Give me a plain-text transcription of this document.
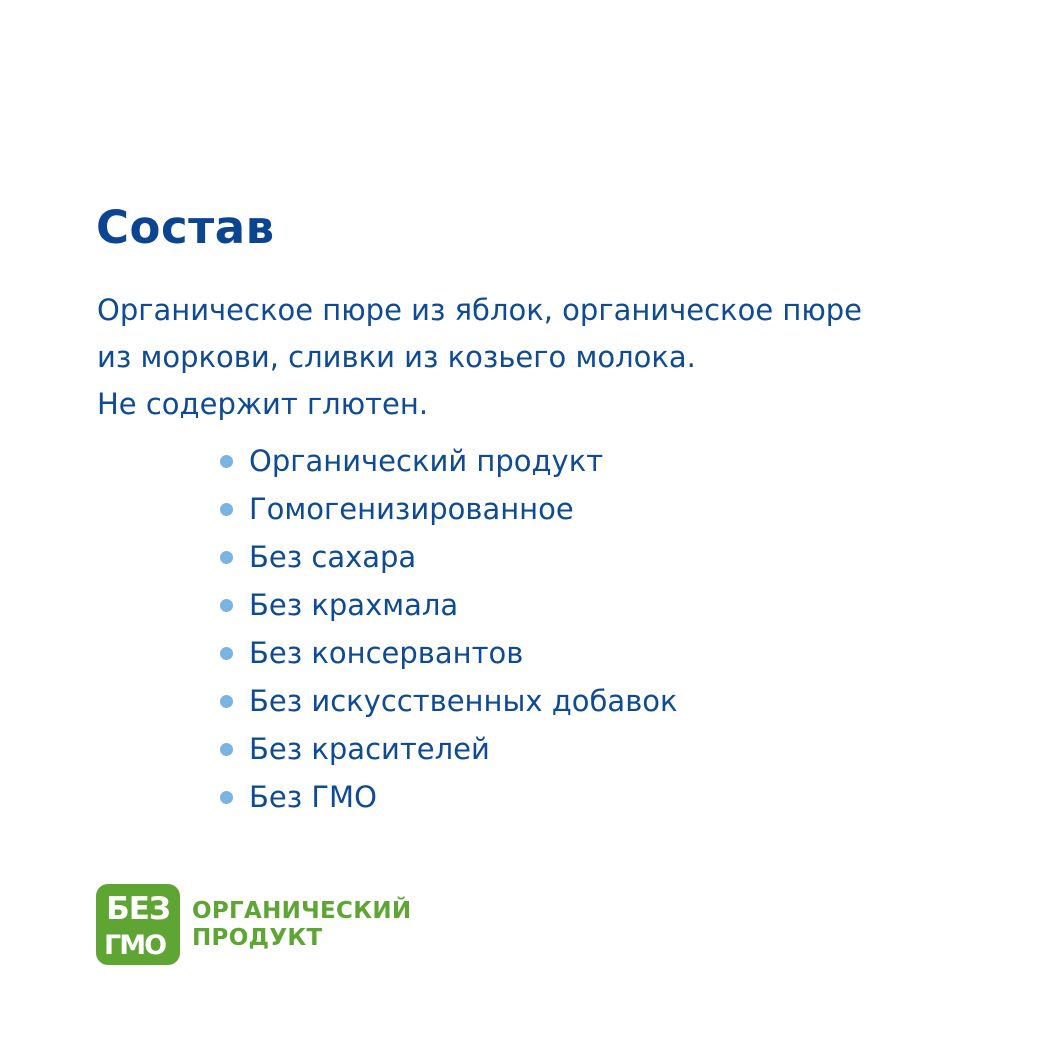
Состав

Органическое пюре из яблок, органическое пюре
из моркови, сливки из козьего молока.
Не содержит глютен.

Органический продукт
Гомогенизированное
Без сахара
Без крахмала
Без консервантов
Без искусственных добавок
Без красителей
Без ГМО
БЕЗ
ГМО
ОРГАНИЧЕСКИЙ
ПРОДУКТ
